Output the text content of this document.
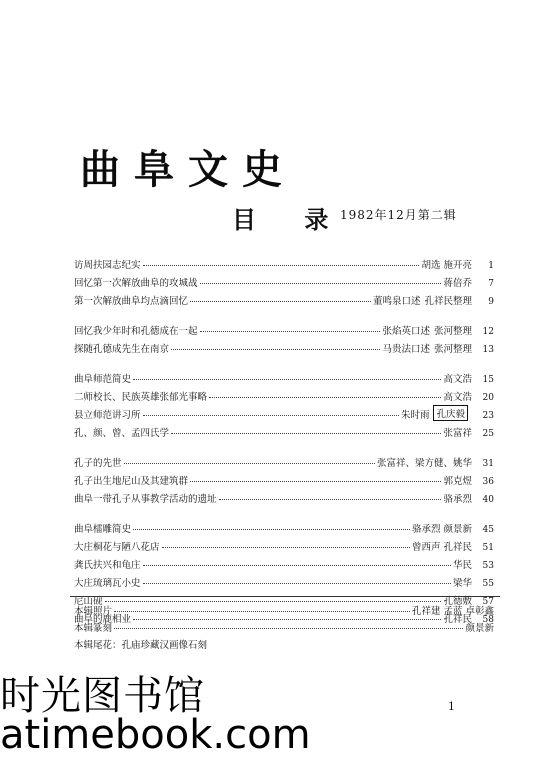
曲阜文史
目 录
1982年12月第二辑
访周扶园志纪实	胡选 施开亮	1
回忆第一次解放曲阜的攻城战	蒋倍乔	7
第一次解放曲阜均点滴回忆	董鸣泉口述 孔祥民整理	9
回忆我少年时和孔德成在一起	张焰英口述 张河整理	12
探随孔德成先生在南京	马贵法口述 张河整理	13
曲阜师范简史	高文浩	15
二师校长、民族英雄张郁光事略	高文浩	20
县立师范讲习所	朱时雨 孔庆毅	23
孔、颜、曾、孟四氏学	张富祥	25
孔子的先世	张富祥、梁方健、姚华	31
孔子出生地尼山及其建筑群	郭克煜	36
曲阜一带孔子从事教学活动的遗址	骆承烈	40
曲阜檑雕简史	骆承烈 颜景新	45
大庄桐花与陋八花店	曾西声 孔祥民	51
龚氏扶兴和龟庄	华民	53
大庄琉璃瓦小史	梁华	55
尼山砚	孔德敷	57
曲阜的鹿相业	孔祥民	58
本辑照片	孔祥建 孟蓝 卓彰鑫
本辑篆刻	颜景新
本辑尾花：孔庙珍藏汉画像石刻
1
时光图书馆
atimebook.com
